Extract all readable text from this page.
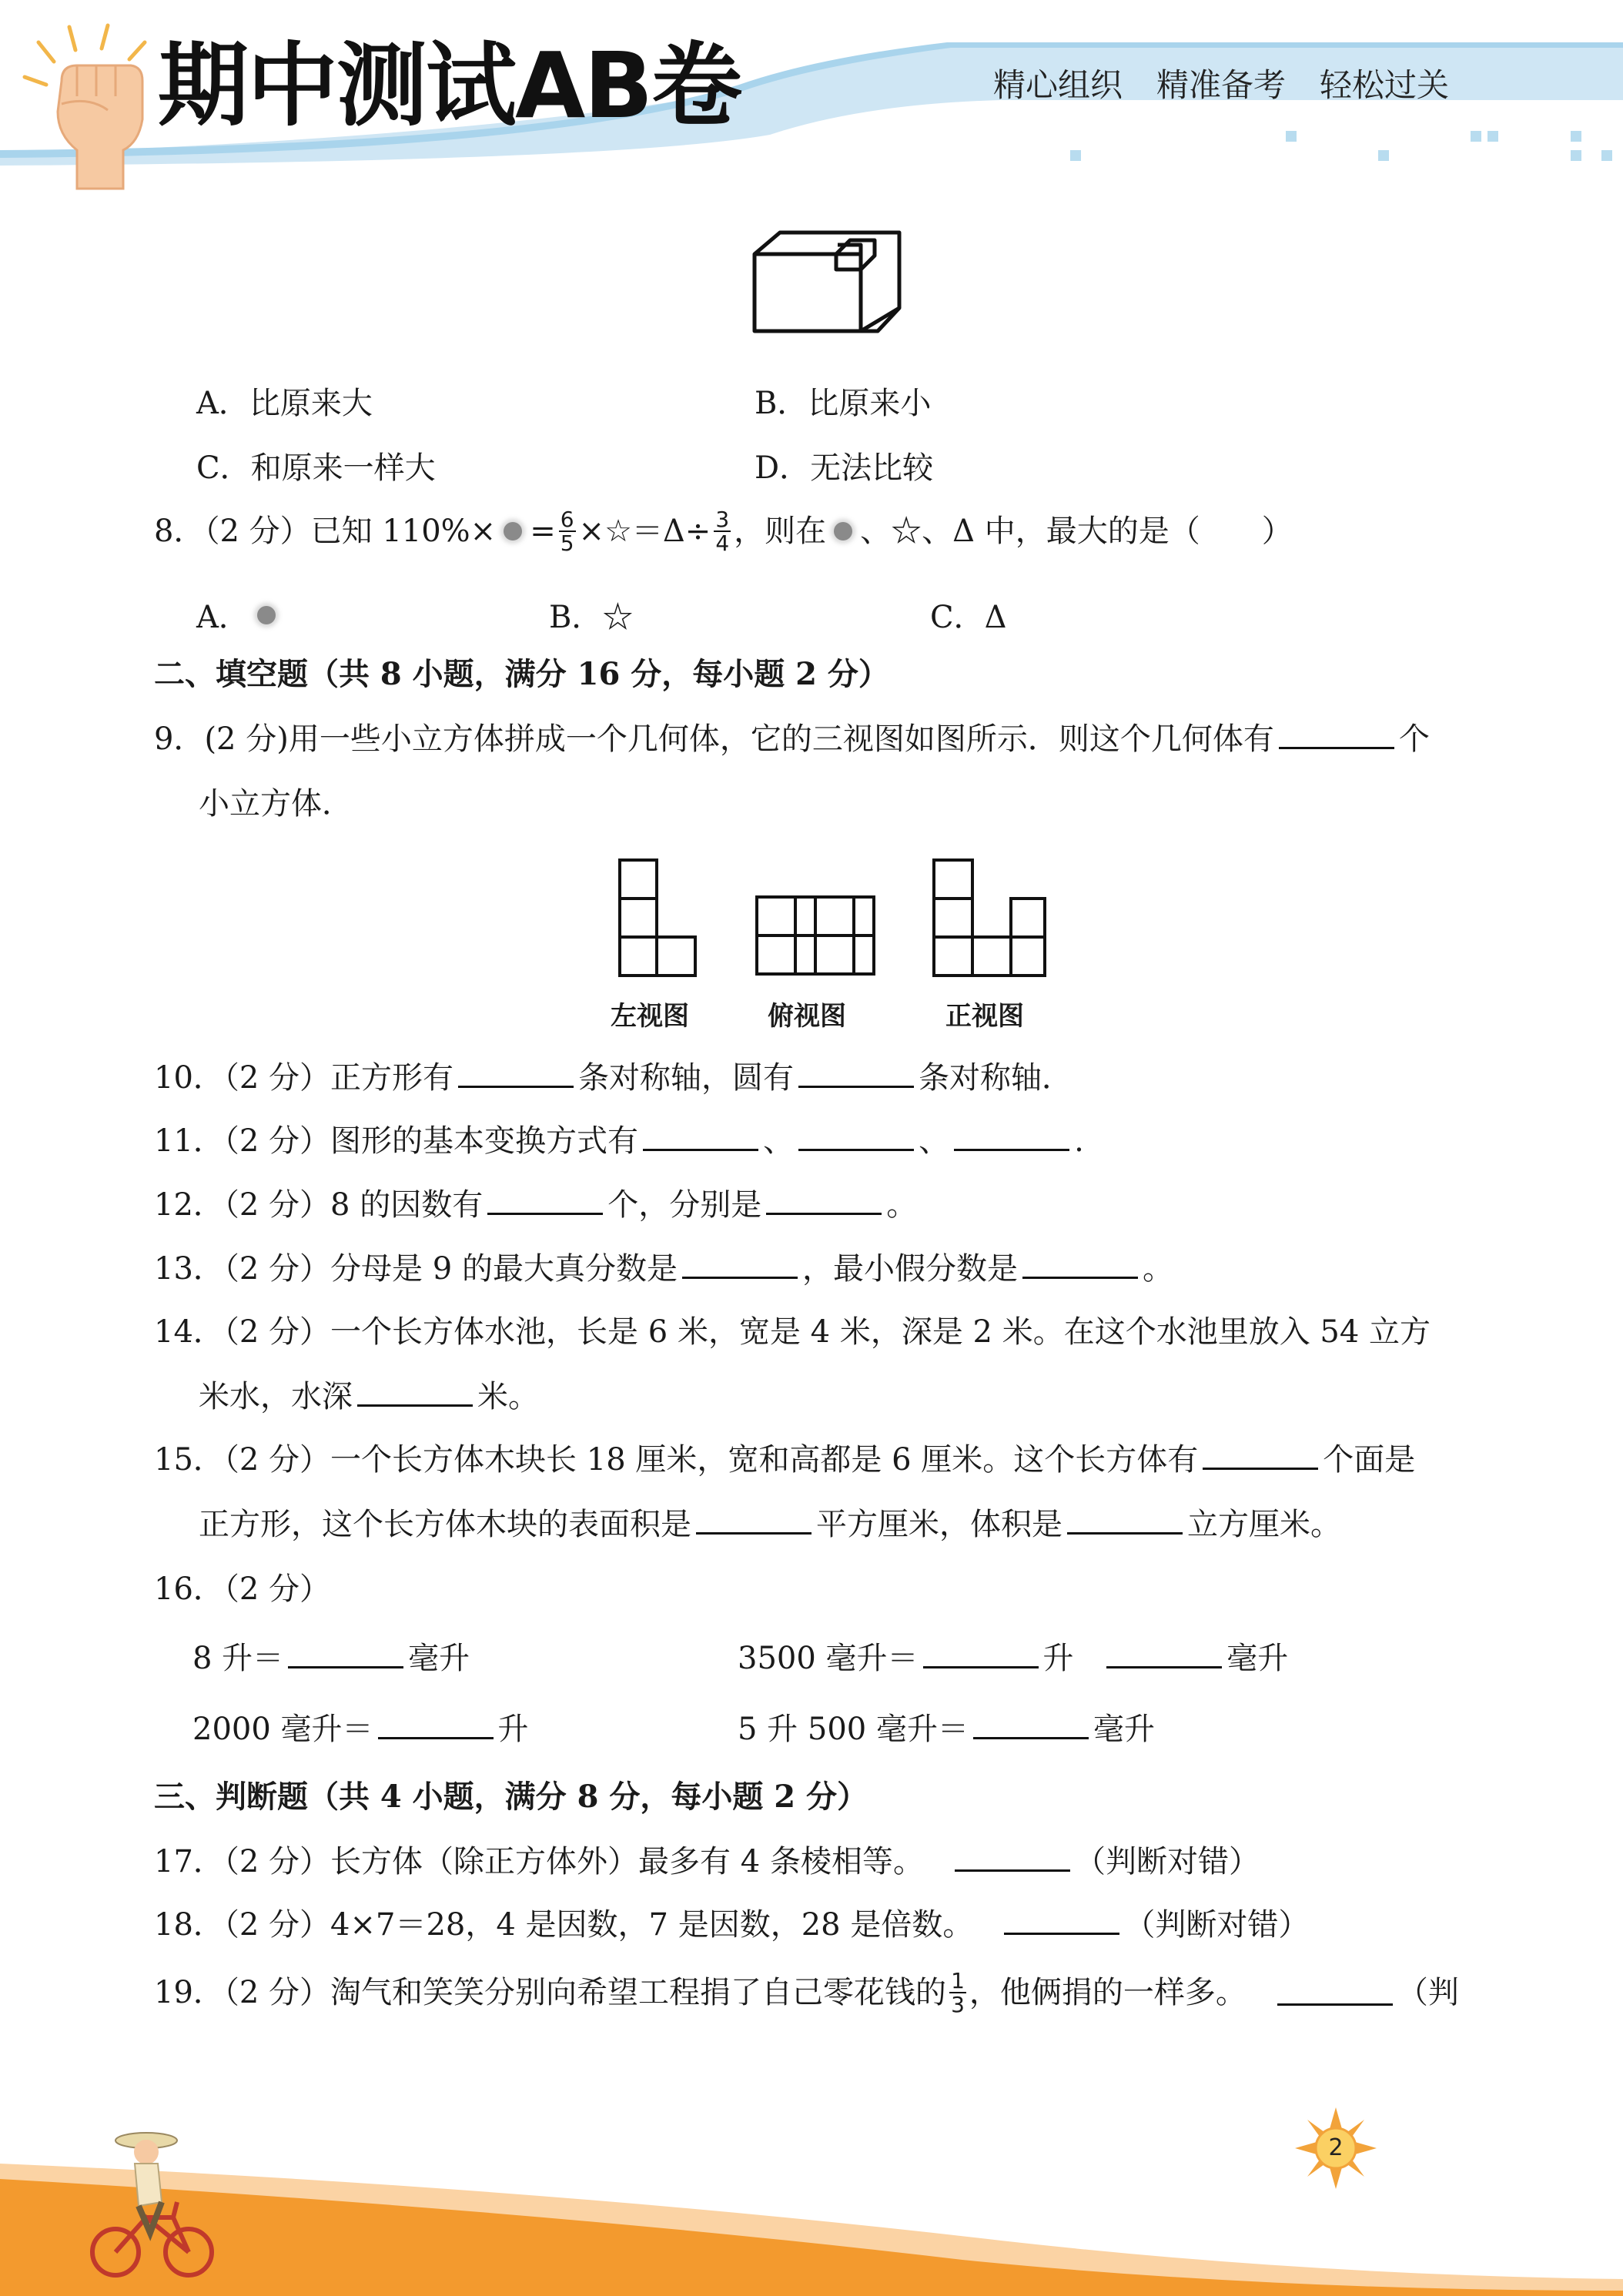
期中测试AB卷	精心组织 精准备考 轻松过关
A．比原来大	B．比原来小
C．和原来一样大	D．无法比较
8．（2 分）已知 $110\%\times = \frac{6}{5}$ ×☆＝Δ÷ $\frac{3}{4}$ ，则在 、☆、Δ 中，最大的是（　　）
A．	B．☆	C．Δ
二、填空题（共 8 小题，满分 16 分，每小题 2 分）
9．(2 分)用一些小立方体拼成一个几何体，它的三视图如图所示．则这个几何体有	个
小立方体．
左视图	俯视图	正视图
10．（2 分）正方形有	条对称轴，圆有	条对称轴．
11．（2 分）图形的基本变换方式有	、	、	.
12．（2 分）8 的因数有	个，分别是	。
13．（2 分）分母是 9 的最大真分数是	，最小假分数是	。
14．（2 分）一个长方体水池，长是 6 米，宽是 4 米，深是 2 米。在这个水池里放入 54 立方
米水，水深	米。
15．（2 分）一个长方体木块长 18 厘米，宽和高都是 6 厘米。这个长方体有	个面是
正方形，这个长方体木块的表面积是	平方厘米，体积是	立方厘米。
16．（2 分）
8 升＝	毫升	3500 毫升＝	升	毫升
2000 毫升＝	升	5 升 500 毫升＝	毫升
三、判断题（共 4 小题，满分 8 分，每小题 2 分）
17．（2 分）长方体（除正方体外）最多有 4 条棱相等。	（判断对错）
18．（2 分）4×7＝28，4 是因数，7 是因数，28 是倍数。	（判断对错）
19．（2 分）淘气和笑笑分别向希望工程捐了自己零花钱的 $\frac{1}{3}$ ，他俩捐的一样多。	（判
2
